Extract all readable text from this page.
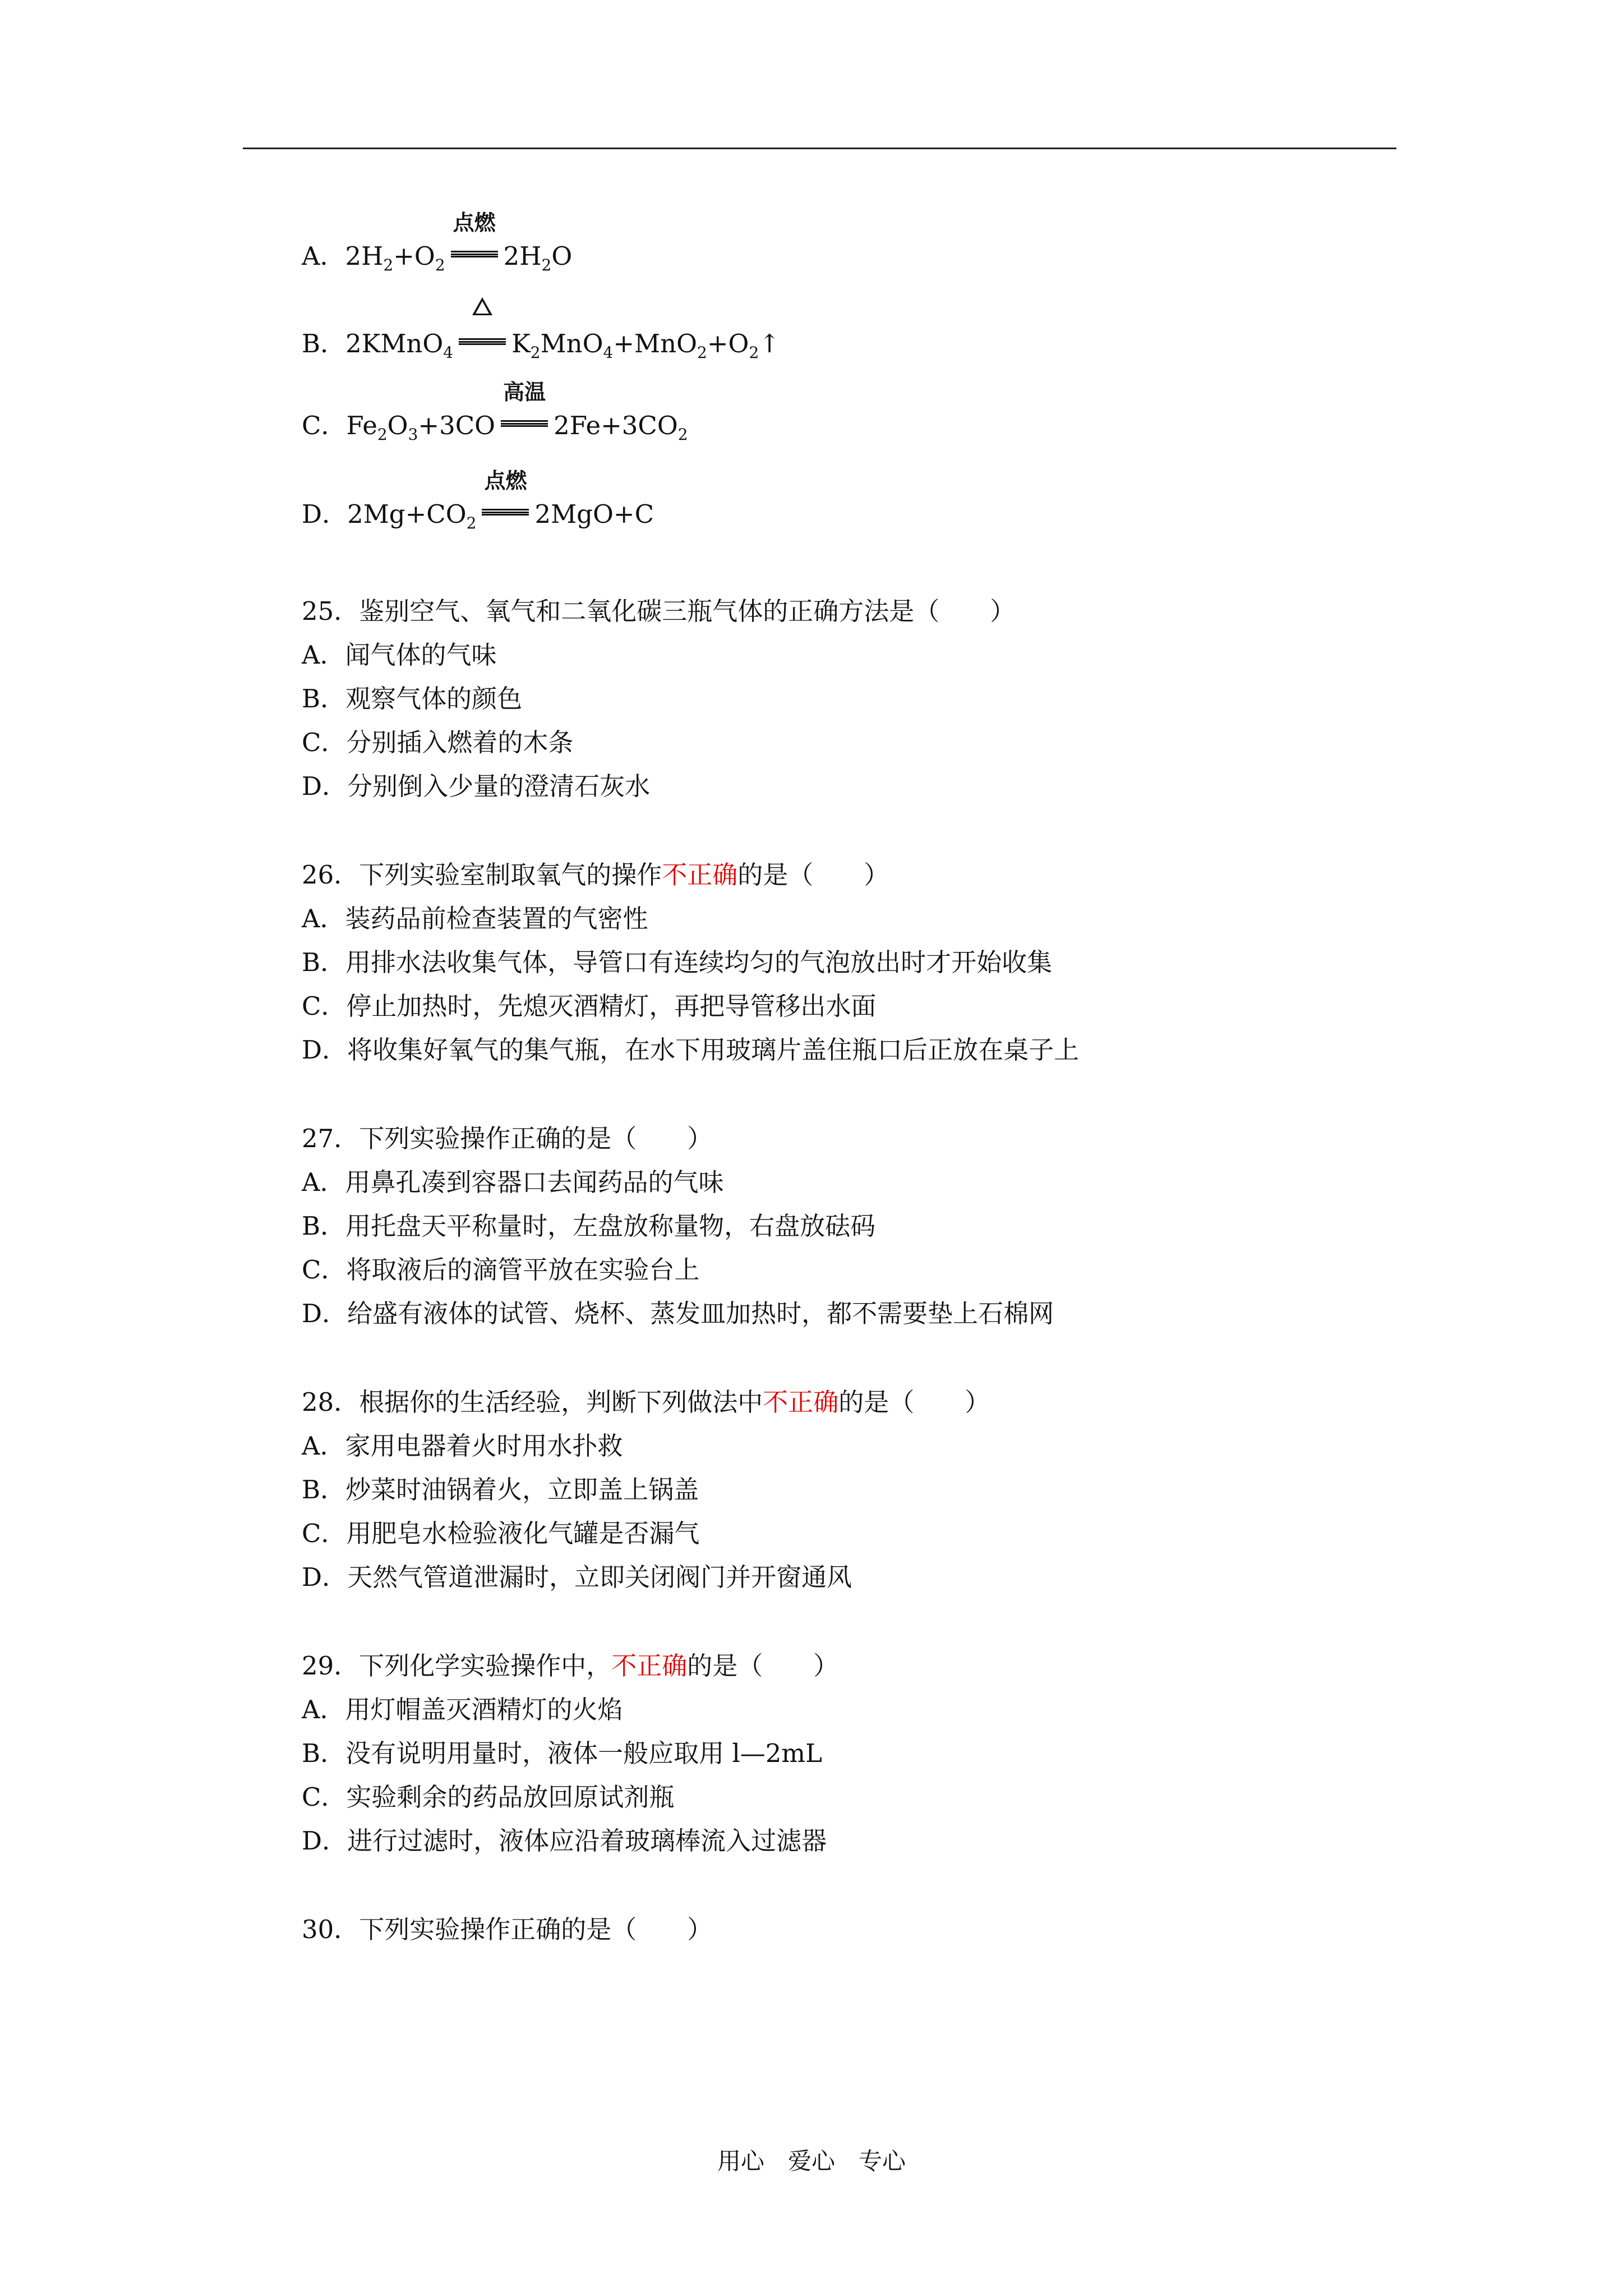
A．$2H_2+O_2$
点燃
$2H_2O$
B．2KMnO$_4$ $K_2MnO_4+MnO_2+O_2↑$
C．$Fe_2O_3+3CO$
高温
$2Fe+3CO_2$
D．$2Mg+CO_2$
点燃
2MgO+C
25．鉴别空气、氧气和二氧化碳三瓶气体的正确方法是（　　）
A．闻气体的气味
B．观察气体的颜色
C．分别插入燃着的木条
D．分别倒入少量的澄清石灰水
26．下列实验室制取氧气的操作不正确的是（　　）
A．装药品前检查装置的气密性
B．用排水法收集气体，导管口有连续均匀的气泡放出时才开始收集
C．停止加热时，先熄灭酒精灯，再把导管移出水面
D．将收集好氧气的集气瓶，在水下用玻璃片盖住瓶口后正放在桌子上
27．下列实验操作正确的是（　　）
A．用鼻孔凑到容器口去闻药品的气味
B．用托盘天平称量时，左盘放称量物，右盘放砝码
C．将取液后的滴管平放在实验台上
D．给盛有液体的试管、烧杯、蒸发皿加热时，都不需要垫上石棉网
28．根据你的生活经验，判断下列做法中不正确的是（　　）
A．家用电器着火时用水扑救
B．炒菜时油锅着火，立即盖上锅盖
C．用肥皂水检验液化气罐是否漏气
D．天然气管道泄漏时，立即关闭阀门并开窗通风
29．下列化学实验操作中，不正确的是（　　）
A．用灯帽盖灭酒精灯的火焰
B．没有说明用量时，液体一般应取用 l—2mL
C．实验剩余的药品放回原试剂瓶
D．进行过滤时，液体应沿着玻璃棒流入过滤器
30．下列实验操作正确的是（　　）
用心　爱心　专心
